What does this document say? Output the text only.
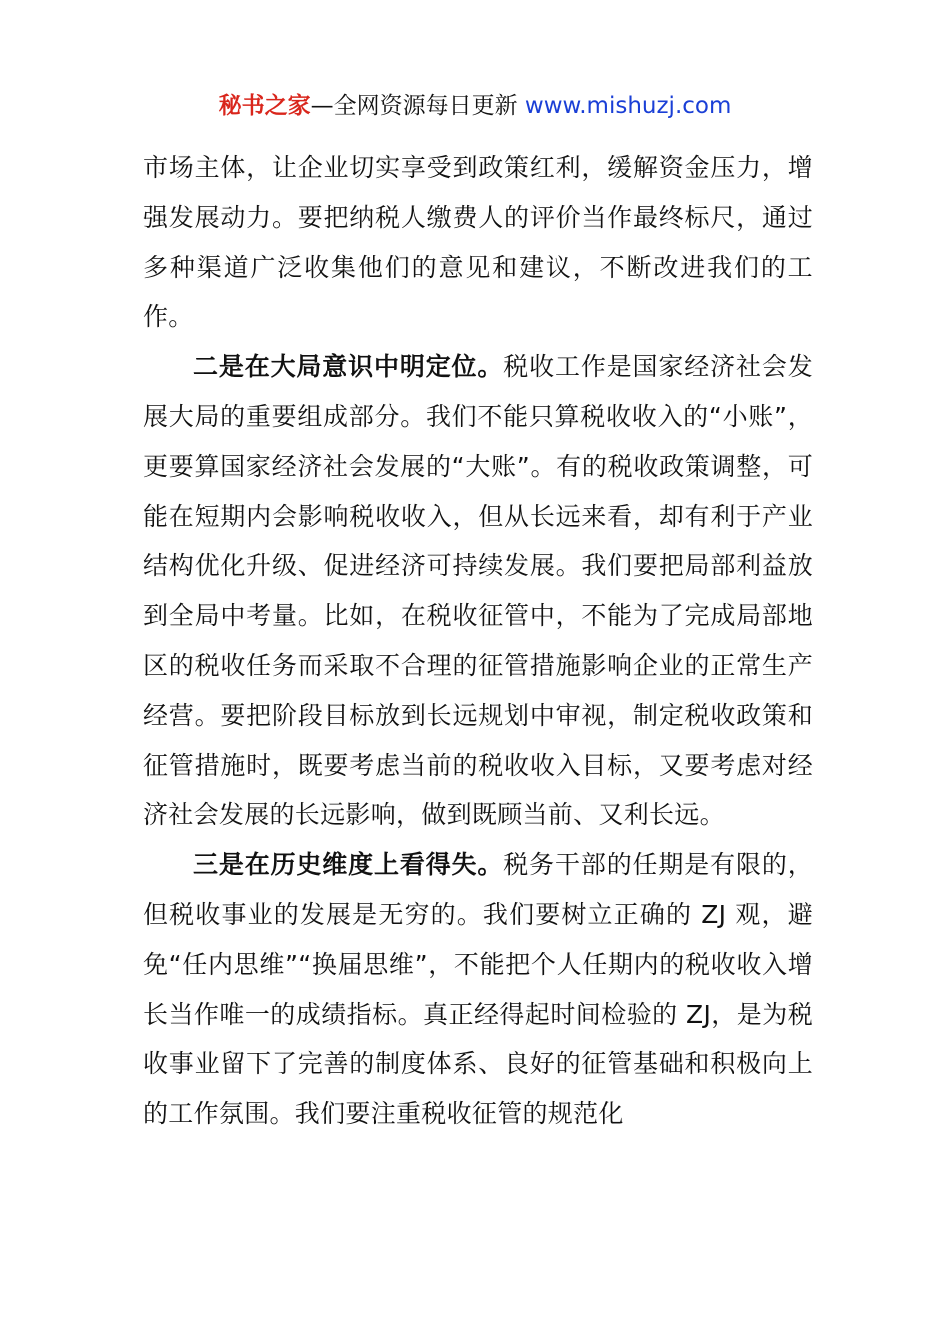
秘书之家—全网资源每日更新 www.mishuzj.com

市场主体，让企业切实享受到政策红利，缓解资金压力，增强发展动力。要把纳税人缴费人的评价当作最终标尺，通过多种渠道广泛收集他们的意见和建议，不断改进我们的工作。

二是在大局意识中明定位。税收工作是国家经济社会发展大局的重要组成部分。我们不能只算税收收入的“小账”，更要算国家经济社会发展的“大账”。有的税收政策调整，可能在短期内会影响税收收入，但从长远来看，却有利于产业结构优化升级、促进经济可持续发展。我们要把局部利益放到全局中考量。比如，在税收征管中，不能为了完成局部地区的税收任务而采取不合理的征管措施影响企业的正常生产经营。要把阶段目标放到长远规划中审视，制定税收政策和征管措施时，既要考虑当前的税收收入目标，又要考虑对经济社会发展的长远影响，做到既顾当前、又利长远。

三是在历史维度上看得失。税务干部的任期是有限的，但税收事业的发展是无穷的。我们要树立正确的 ZJ 观，避免“任内思维”“换届思维”，不能把个人任期内的税收收入增长当作唯一的成绩指标。真正经得起时间检验的 ZJ，是为税收事业留下了完善的制度体系、良好的征管基础和积极向上的工作氛围。我们要注重税收征管的规范化
